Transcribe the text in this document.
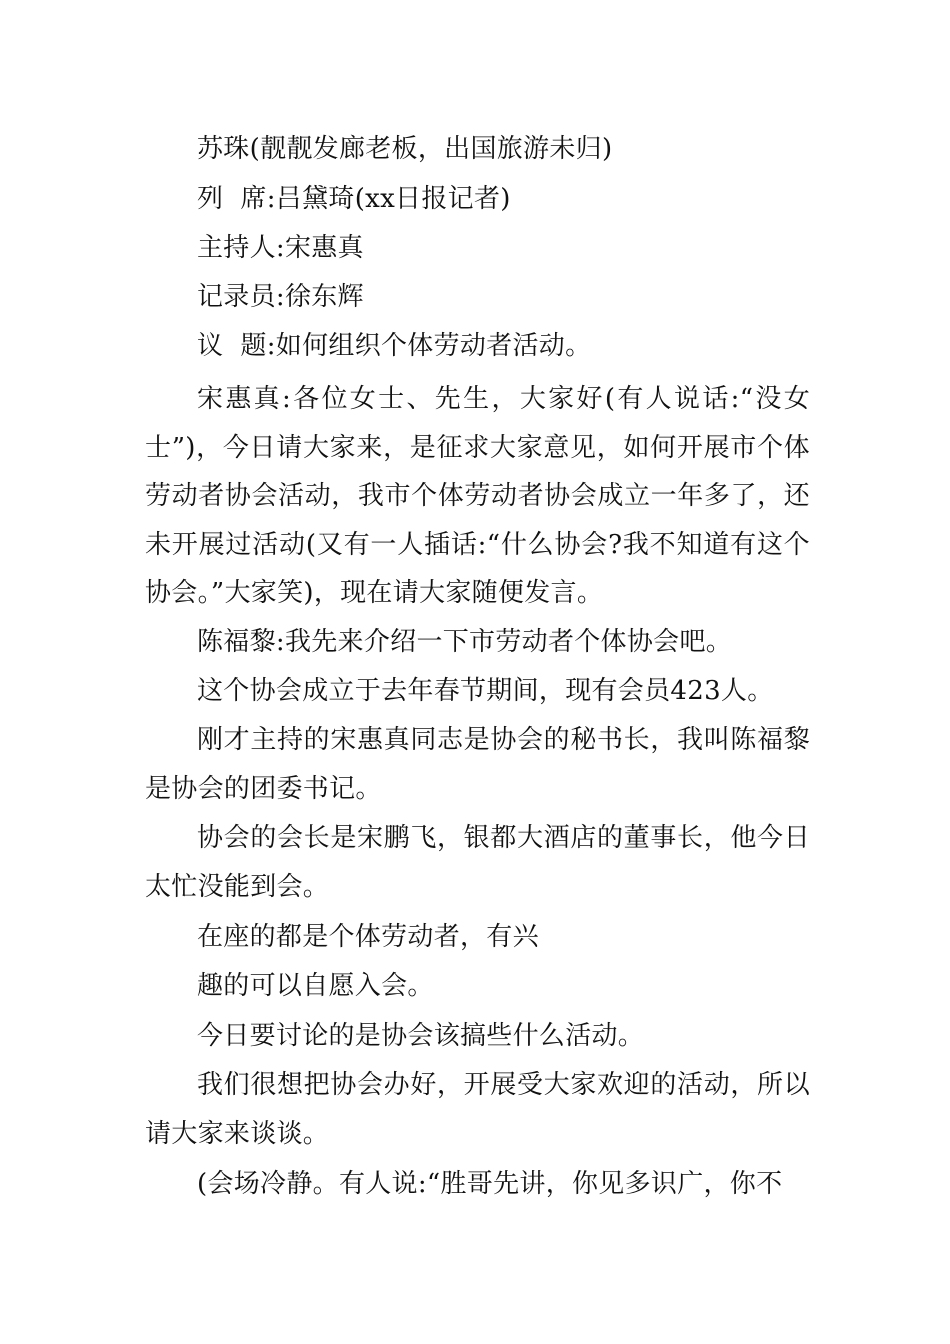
苏珠(靓靓发廊老板，出国旅游未归)

列  席:吕黛琦(xx日报记者)

主持人:宋惠真

记录员:徐东辉

议  题:如何组织个体劳动者活动。

宋惠真:各位女士、先生，大家好(有人说话:“没女士”)，今日请大家来，是征求大家意见，如何开展市个体劳动者协会活动，我市个体劳动者协会成立一年多了，还未开展过活动(又有一人插话:“什么协会?我不知道有这个协会。”大家笑)，现在请大家随便发言。

陈福黎:我先来介绍一下市劳动者个体协会吧。

这个协会成立于去年春节期间，现有会员423人。

刚才主持的宋惠真同志是协会的秘书长，我叫陈福黎是协会的团委书记。

协会的会长是宋鹏飞，银都大酒店的董事长，他今日太忙没能到会。

在座的都是个体劳动者，有兴

趣的可以自愿入会。

今日要讨论的是协会该搞些什么活动。

我们很想把协会办好，开展受大家欢迎的活动，所以请大家来谈谈。

(会场冷静。有人说:“胜哥先讲，你见多识广，你不
